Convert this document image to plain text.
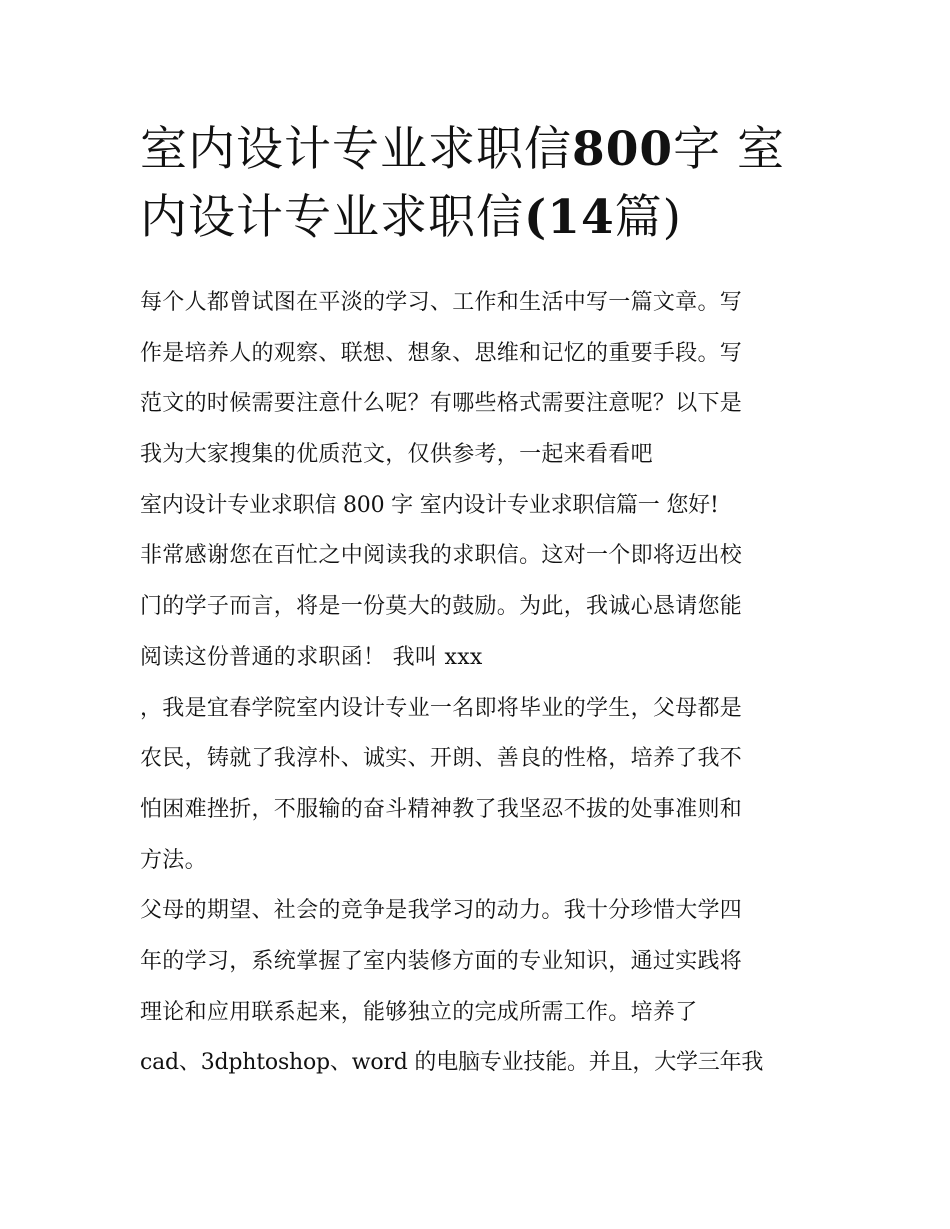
室内设计专业求职信800字 室
内设计专业求职信(14篇)
每个人都曾试图在平淡的学习、工作和生活中写一篇文章。写
作是培养人的观察、联想、想象、思维和记忆的重要手段。写
范文的时候需要注意什么呢？有哪些格式需要注意呢？以下是
我为大家搜集的优质范文，仅供参考，一起来看看吧
室内设计专业求职信 800 字 室内设计专业求职信篇一 您好!
非常感谢您在百忙之中阅读我的求职信。这对一个即将迈出校
门的学子而言，将是一份莫大的鼓励。为此，我诚心恳请您能
阅读这份普通的求职函！ 我叫 xxx
，我是宜春学院室内设计专业一名即将毕业的学生，父母都是
农民，铸就了我淳朴、诚实、开朗、善良的性格，培养了我不
怕困难挫折，不服输的奋斗精神教了我坚忍不拔的处事准则和
方法。
父母的期望、社会的竞争是我学习的动力。我十分珍惜大学四
年的学习，系统掌握了室内装修方面的专业知识，通过实践将
理论和应用联系起来，能够独立的完成所需工作。培养了
cad、3dphtoshop、word 的电脑专业技能。并且，大学三年我
